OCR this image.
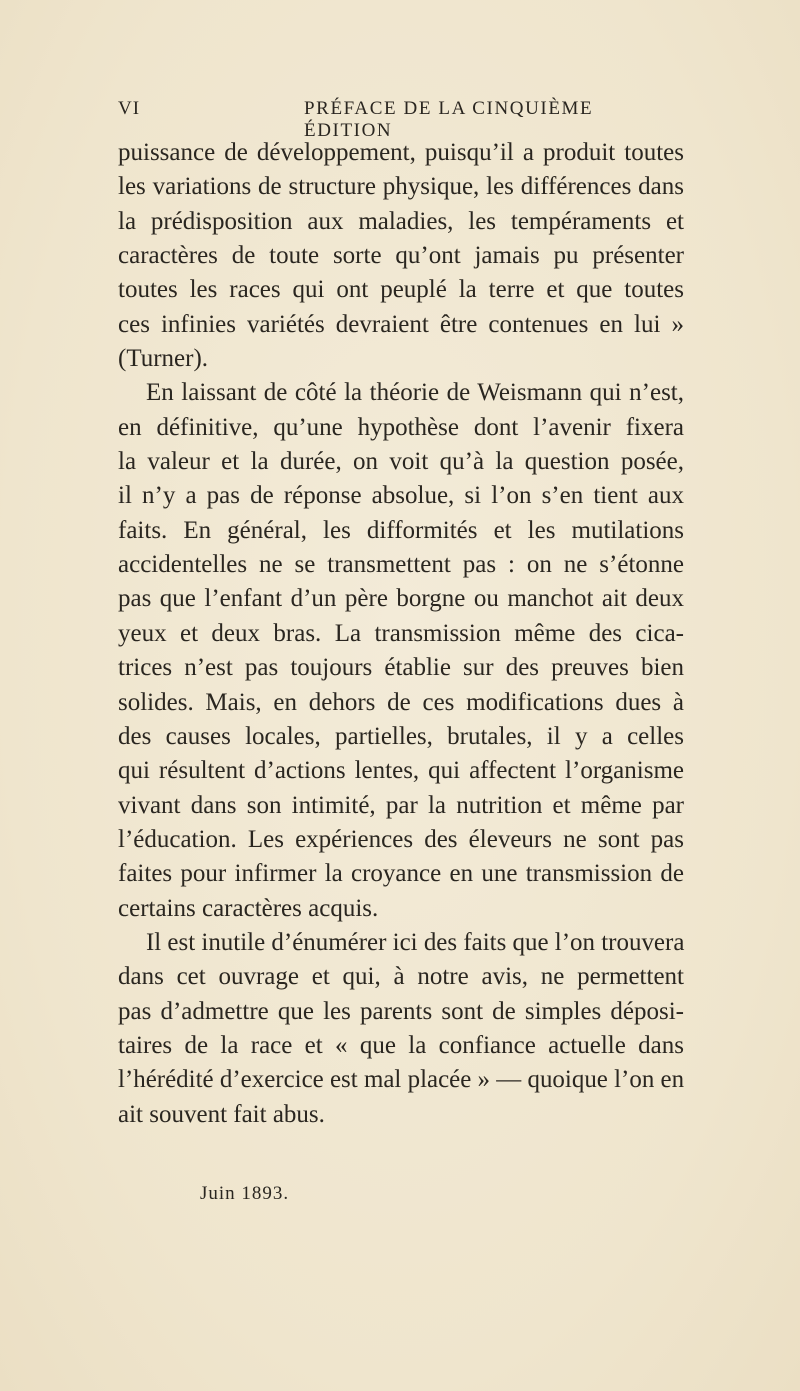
VI	PRÉFACE DE LA CINQUIÈME ÉDITION
puissance de développement, puisqu’il a produit toutes
les variations de structure physique, les différences dans
la prédisposition aux maladies, les tempéraments et
caractères de toute sorte qu’ont jamais pu présenter
toutes les races qui ont peuplé la terre et que toutes
ces infinies variétés devraient être contenues en lui »
(Turner).
En laissant de côté la théorie de Weismann qui n’est,
en définitive, qu’une hypothèse dont l’avenir fixera
la valeur et la durée, on voit qu’à la question posée,
il n’y a pas de réponse absolue, si l’on s’en tient aux
faits. En général, les difformités et les mutilations
accidentelles ne se transmettent pas : on ne s’étonne
pas que l’enfant d’un père borgne ou manchot ait deux
yeux et deux bras. La transmission même des cica-
trices n’est pas toujours établie sur des preuves bien
solides. Mais, en dehors de ces modifications dues à
des causes locales, partielles, brutales, il y a celles
qui résultent d’actions lentes, qui affectent l’organisme
vivant dans son intimité, par la nutrition et même par
l’éducation. Les expériences des éleveurs ne sont pas
faites pour infirmer la croyance en une transmission de
certains caractères acquis.
Il est inutile d’énumérer ici des faits que l’on trouvera
dans cet ouvrage et qui, à notre avis, ne permettent
pas d’admettre que les parents sont de simples déposi-
taires de la race et « que la confiance actuelle dans
l’hérédité d’exercice est mal placée » — quoique l’on en
ait souvent fait abus.
Juin 1893.
